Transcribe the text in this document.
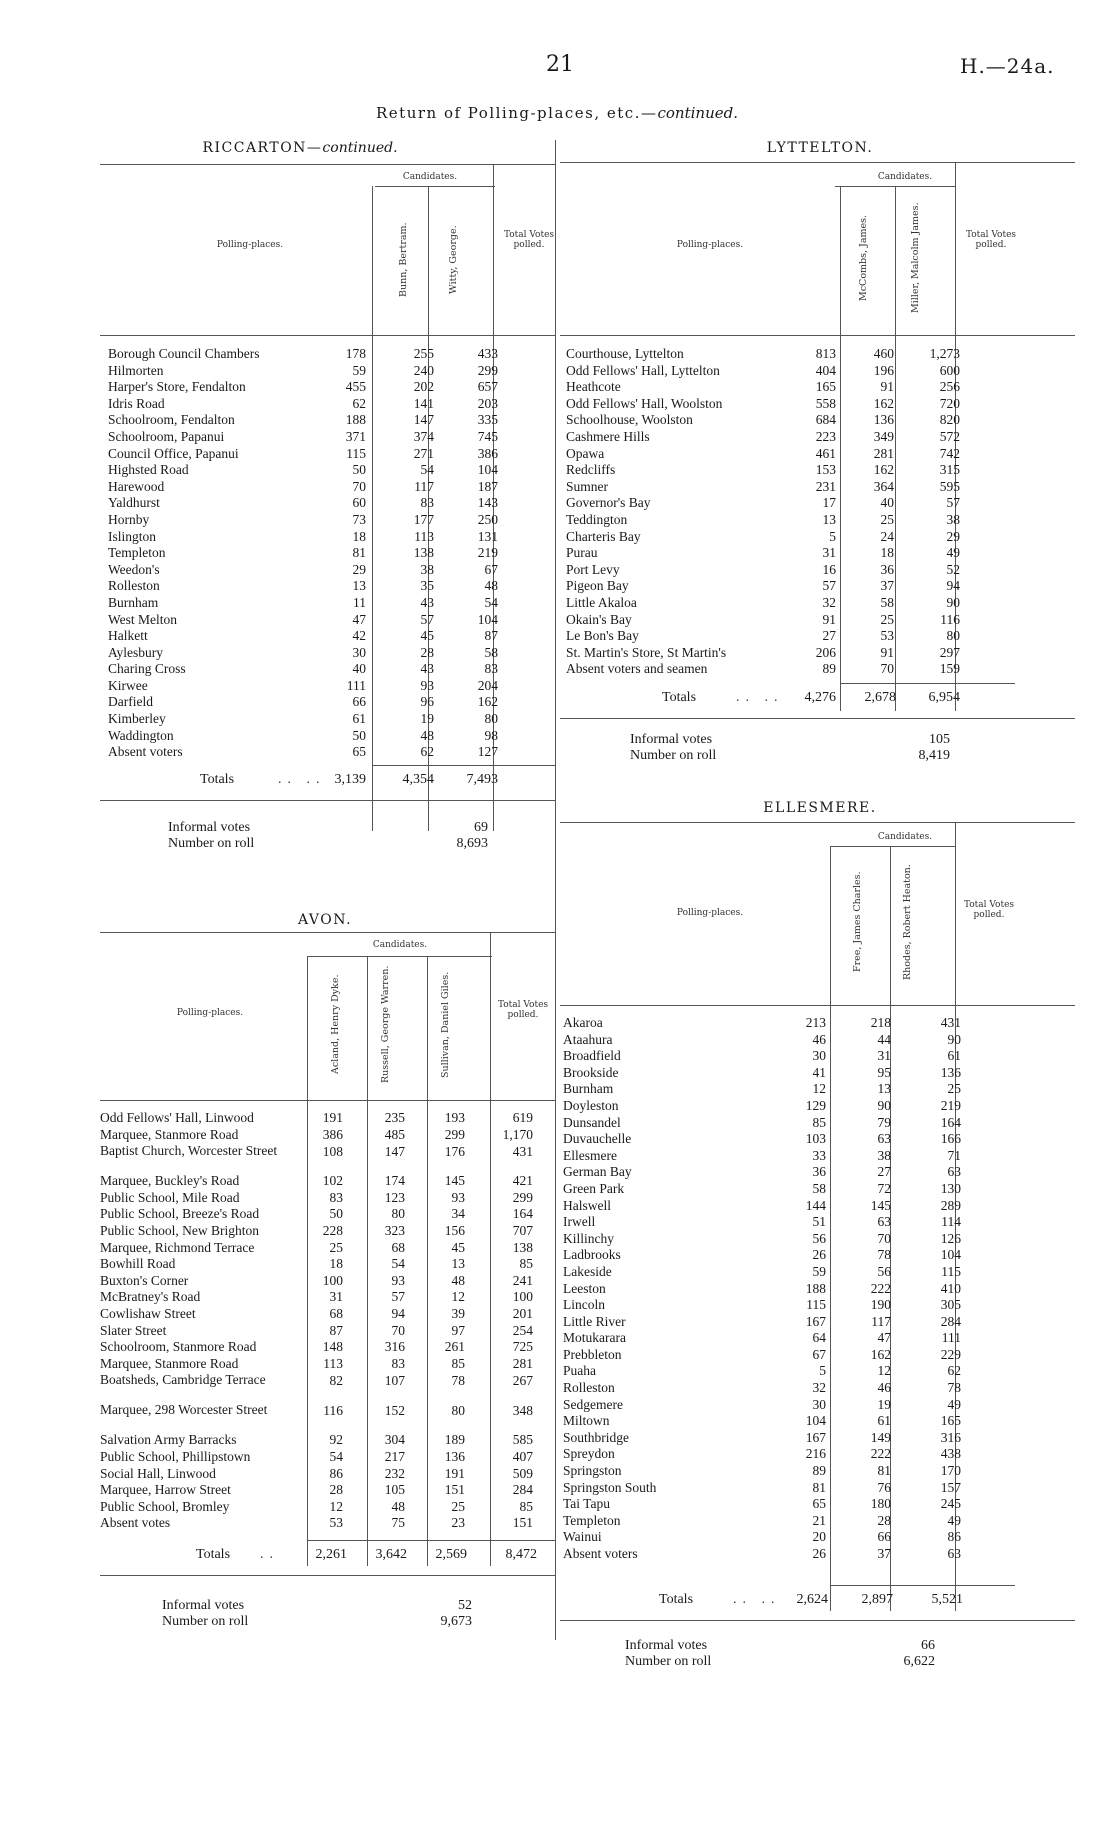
21	H.—24a.
Return of Polling-places, etc.—continued.
RICCARTON—continued.
Candidates.
Polling-places.	Bunn, Bertram.	Witty, George.	Total Votes polled.
Borough Council Chambers	178	255	433
Hilmorten	59	240	299
Harper's Store, Fendalton	455	202	657
Idris Road	62	141	203
Schoolroom, Fendalton	188	147	335
Schoolroom, Papanui	371	374	745
Council Office, Papanui	115	271	386
Highsted Road	50	54	104
Harewood	70	117	187
Yaldhurst	60	83	143
Hornby	73	177	250
Islington	18	113	131
Templeton	81	138	219
Weedon's	29	38	67
Rolleston	13	35	48
Burnham	11	43	54
West Melton	47	57	104
Halkett	42	45	87
Aylesbury	30	28	58
Charing Cross	40	43	83
Kirwee	111	93	204
Darfield	66	96	162
Kimberley	61	19	80
Waddington	50	48	98
Absent voters	65	62	127
Totals	.. .. 3,139	4,354 7,493
Informal votes	69
Number on roll	8,693
LYTTELTON.
Candidates.
Polling-places.	McCombs, James.	Miller, Malcolm James.	Total Votes polled.
Courthouse, Lyttelton	813	460	1,273
Odd Fellows' Hall, Lyttelton	404	196	600
Heathcote	165	91	256
Odd Fellows' Hall, Woolston	558	162	720
Schoolhouse, Woolston	684	136	820
Cashmere Hills	223	349	572
Opawa	461	281	742
Redcliffs	153	162	315
Sumner	231	364	595
Governor's Bay	17	40	57
Teddington	13	25	38
Charteris Bay	5	24	29
Purau	31	18	49
Port Levy	16	36	52
Pigeon Bay	57	37	94
Little Akaloa	32	58	90
Okain's Bay	91	25	116
Le Bon's Bay	27	53	80
St. Martin's Store, St Martin's	206	91	297
Absent voters and seamen	89	70	159
Totals	.. .. 4,276 2,678 6,954
Informal votes	105
Number on roll	8,419
AVON.
Candidates.
Polling-places.	Acland, Henry Dyke.	Russell, George Warren.	Sullivan, Daniel Giles.	Total Votes polled.
Odd Fellows' Hall, Linwood	191	235	193	619
Marquee, Stanmore Road	386	485	299	1,170
Baptist Church, Worcester Street	108	147	176	431
Marquee, Buckley's Road	102	174	145	421
Public School, Mile Road	83	123	93	299
Public School, Breeze's Road	50	80	34	164
Public School, New Brighton	228	323	156	707
Marquee, Richmond Terrace	25	68	45	138
Bowhill Road	18	54	13	85
Buxton's Corner	100	93	48	241
McBratney's Road	31	57	12	100
Cowlishaw Street	68	94	39	201
Slater Street	87	70	97	254
Schoolroom, Stanmore Road	148	316	261	725
Marquee, Stanmore Road	113	83	85	281
Boatsheds, Cambridge Terrace	82	107	78	267
Marquee, 298 Worcester Street	116	152	80	348
Salvation Army Barracks	92	304	189	585
Public School, Phillipstown	54	217	136	407
Social Hall, Linwood	86	232	191	509
Marquee, Harrow Street	28	105	151	284
Public School, Bromley	12	48	25	85
Absent votes	53	75	23	151
Totals ..	2,261 3,642 2,569	8,472
Informal votes	52
Number on roll	9,673
ELLESMERE.
Candidates.
Polling-places.	Free, James Charles.	Rhodes, Robert Heaton.	Total Votes polled.
Akaroa	213	218	431
Ataahura	46	44	90
Broadfield	30	31	61
Brookside	41	95	136
Burnham	12	13	25
Doyleston	129	90	219
Dunsandel	85	79	164
Duvauchelle	103	63	166
Ellesmere	33	38	71
German Bay	36	27	63
Green Park	58	72	130
Halswell	144	145	289
Irwell	51	63	114
Killinchy	56	70	126
Ladbrooks	26	78	104
Lakeside	59	56	115
Leeston	188	222	410
Lincoln	115	190	305
Little River	167	117	284
Motukarara	64	47	111
Prebbleton	67	162	229
Puaha	5	12	62
Rolleston	32	46	78
Sedgemere	30	19	49
Miltown	104	61	165
Southbridge	167	149	316
Spreydon	216	222	438
Springston	89	81	170
Springston South	81	76	157
Tai Tapu	65	180	245
Templeton	21	28	49
Wainui	20	66	86
Absent voters	26	37	63
Totals	.. .. 2,624 2,897	5,521
Informal votes	66
Number on roll	6,622
